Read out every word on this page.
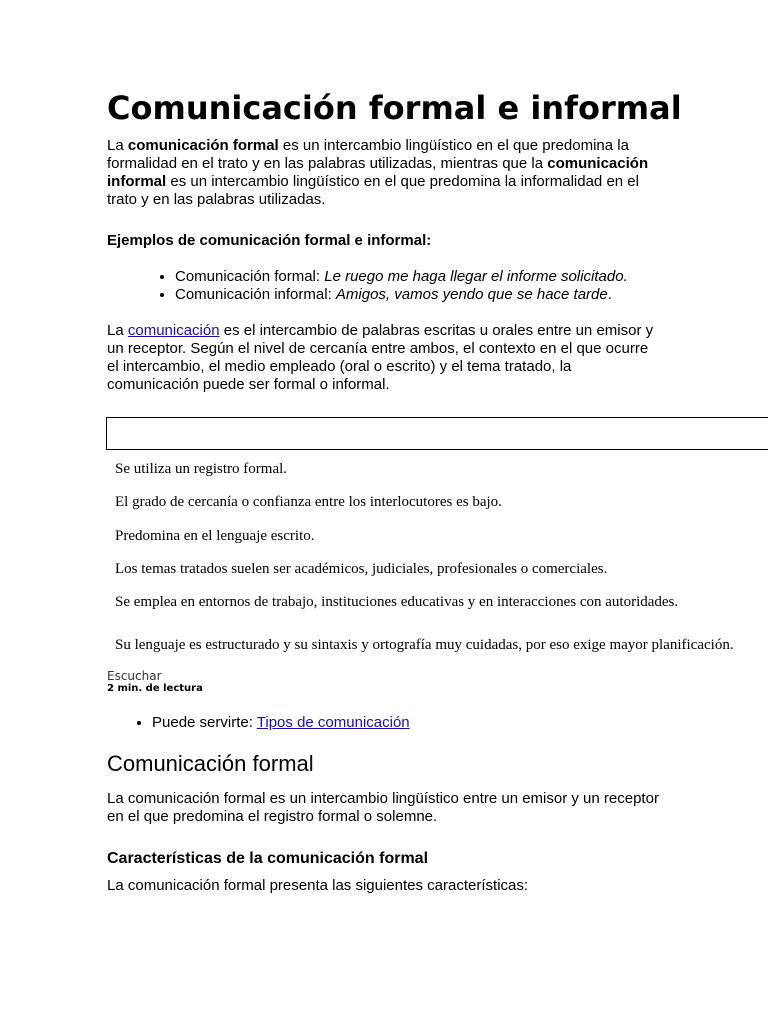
Comunicación formal e informal

La comunicación formal es un intercambio lingüístico en el que predomina la formalidad en el trato y en las palabras utilizadas, mientras que la comunicación informal es un intercambio lingüístico en el que predomina la informalidad en el trato y en las palabras utilizadas.

Ejemplos de comunicación formal e informal:

• Comunicación formal: Le ruego me haga llegar el informe solicitado.
• Comunicación informal: Amigos, vamos yendo que se hace tarde.

La comunicación es el intercambio de palabras escritas u orales entre un emisor y un receptor. Según el nivel de cercanía entre ambos, el contexto en el que ocurre el intercambio, el medio empleado (oral o escrito) y el tema tratado, la comunicación puede ser formal o informal.

Se utiliza un registro formal.

El grado de cercanía o confianza entre los interlocutores es bajo.

Predomina en el lenguaje escrito.

Los temas tratados suelen ser académicos, judiciales, profesionales o comerciales.

Se emplea en entornos de trabajo, instituciones educativas y en interacciones con autoridades.

Su lenguaje es estructurado y su sintaxis y ortografía muy cuidadas, por eso exige mayor planificación.

Escuchar
2 min. de lectura
• Puede servirte: Tipos de comunicación
Comunicación formal

La comunicación formal es un intercambio lingüístico entre un emisor y un receptor en el que predomina el registro formal o solemne.

Características de la comunicación formal

La comunicación formal presenta las siguientes características:
